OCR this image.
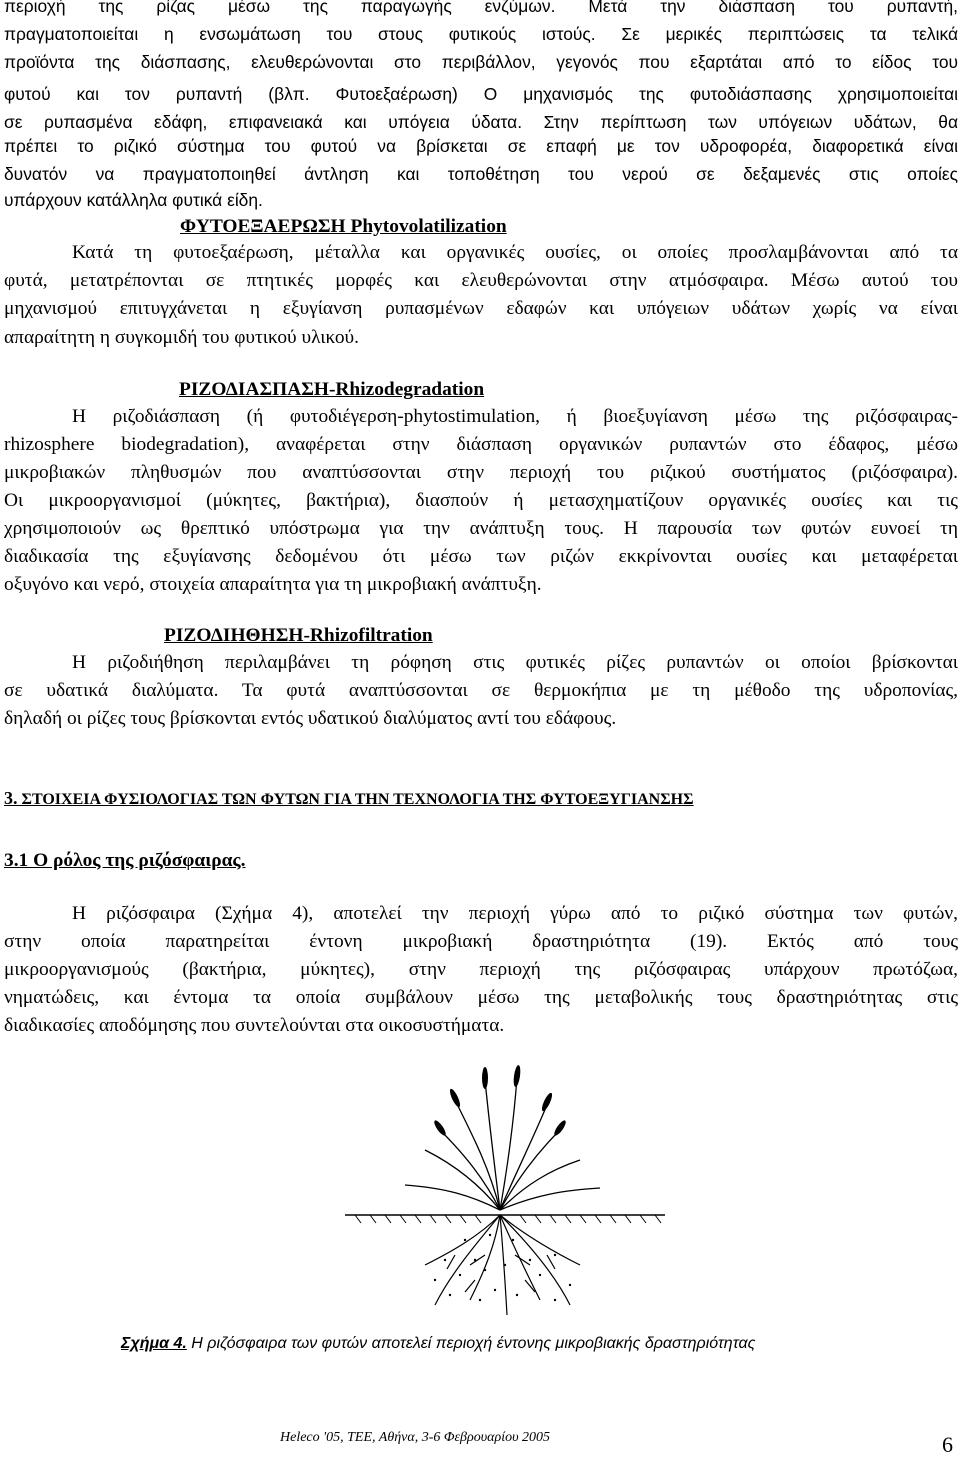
περιοχή της ρίζας μέσω της παραγωγής ενζύμων. Μετά την διάσπαση του ρυπαντή,
πραγματοποιείται η ενσωμάτωση του στους φυτικούς ιστούς. Σε μερικές περιπτώσεις τα τελικά
προϊόντα της διάσπασης, ελευθερώνονται στο περιβάλλον, γεγονός που εξαρτάται από το είδος του
φυτού και τον ρυπαντή (βλπ. Φυτοεξαέρωση) Ο μηχανισμός της φυτοδιάσπασης χρησιμοποιείται
σε ρυπασμένα εδάφη, επιφανειακά και υπόγεια ύδατα. Στην περίπτωση των υπόγειων υδάτων, θα
πρέπει το ριζικό σύστημα του φυτού να βρίσκεται σε επαφή με τον υδροφορέα, διαφορετικά είναι
δυνατόν να πραγματοποιηθεί άντληση και τοποθέτηση του νερού σε δεξαμενές στις οποίες
υπάρχουν κατάλληλα φυτικά είδη.
ΦΥΤΟΕΞΑΕΡΩΣΗ Phytovolatilization
Κατά τη φυτοεξαέρωση, μέταλλα και οργανικές ουσίες, οι οποίες προσλαμβάνονται από τα
φυτά, μετατρέπονται σε πτητικές μορφές και ελευθερώνονται στην ατμόσφαιρα. Μέσω αυτού του
μηχανισμού επιτυγχάνεται η εξυγίανση ρυπασμένων εδαφών και υπόγειων υδάτων χωρίς να είναι
απαραίτητη η συγκομιδή του φυτικού υλικού.
ΡΙΖΟΔΙΑΣΠΑΣΗ-Rhizodegradation
Η ριζοδιάσπαση (ή φυτοδιέγερση-phytostimulation, ή βιοεξυγίανση μέσω της ριζόσφαιρας-
rhizosphere biodegradation), αναφέρεται στην διάσπαση οργανικών ρυπαντών στο έδαφος, μέσω
μικροβιακών πληθυσμών που αναπτύσσονται στην περιοχή του ριζικού συστήματος (ριζόσφαιρα).
Οι μικροοργανισμοί (μύκητες, βακτήρια), διασπούν ή μετασχηματίζουν οργανικές ουσίες και τις
χρησιμοποιούν ως θρεπτικό υπόστρωμα για την ανάπτυξη τους. Η παρουσία των φυτών ευνοεί τη
διαδικασία της εξυγίανσης δεδομένου ότι μέσω των ριζών εκκρίνονται ουσίες και μεταφέρεται
οξυγόνο και νερό, στοιχεία απαραίτητα για τη μικροβιακή ανάπτυξη.
ΡΙΖΟΔΙΗΘΗΣΗ-Rhizofiltration
Η ριζοδιήθηση περιλαμβάνει τη ρόφηση στις φυτικές ρίζες ρυπαντών οι οποίοι βρίσκονται
σε υδατικά διαλύματα. Τα φυτά αναπτύσσονται σε θερμοκήπια με τη μέθοδο της υδροπονίας,
δηλαδή οι ρίζες τους βρίσκονται εντός υδατικού διαλύματος αντί του εδάφους.
3. ΣΤΟΙΧΕΙΑ ΦΥΣΙΟΛΟΓΙΑΣ ΤΩΝ ΦΥΤΩΝ ΓΙΑ ΤΗΝ ΤΕΧΝΟΛΟΓΙΑ ΤΗΣ ΦΥΤΟΕΞΥΓΙΑΝΣΗΣ
3.1 Ο ρόλος της ριζόσφαιρας.
Η ριζόσφαιρα (Σχήμα 4), αποτελεί την περιοχή γύρω από το ριζικό σύστημα των φυτών,
στην οποία παρατηρείται έντονη μικροβιακή δραστηριότητα (19). Εκτός από τους
μικροοργανισμούς (βακτήρια, μύκητες), στην περιοχή της ριζόσφαιρας υπάρχουν πρωτόζωα,
νηματώδεις, και έντομα τα οποία συμβάλουν μέσω της μεταβολικής τους δραστηριότητας στις
διαδικασίες αποδόμησης που συντελούνται στα οικοσυστήματα.
Σχήμα 4. Η ριζόσφαιρα των φυτών αποτελεί περιοχή έντονης μικροβιακής δραστηριότητας
Heleco '05, ΤΕΕ, Αθήνα, 3-6 Φεβρουαρίου 2005	6
